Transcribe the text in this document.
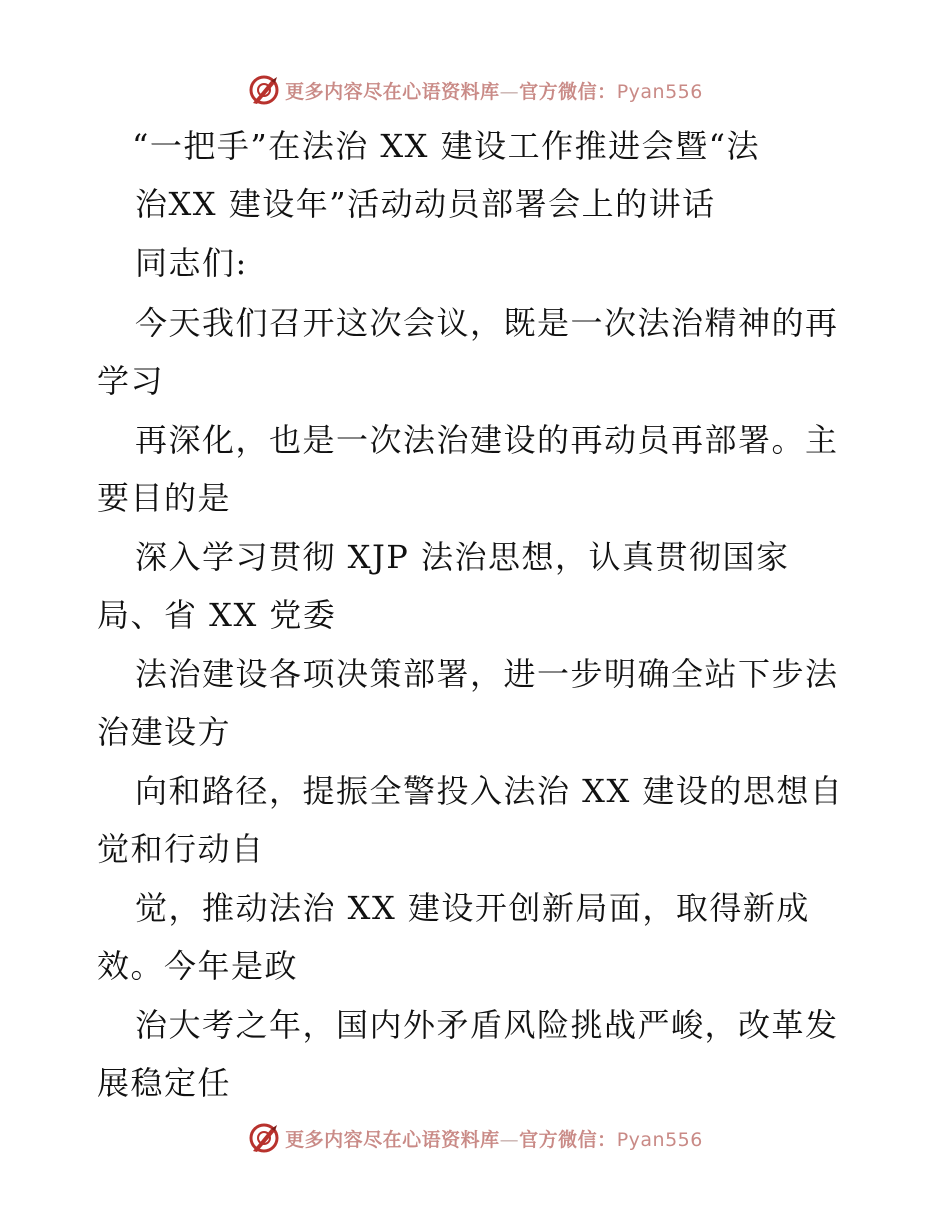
更多内容尽在心语资料库—官方微信：Pyan556
“一把手”在法治 XX 建设工作推进会暨“法
治XX 建设年”活动动员部署会上的讲话
同志们:
今天我们召开这次会议，既是一次法治精神的再
学习
再深化，也是一次法治建设的再动员再部署。主
要目的是
深入学习贯彻 XJP 法治思想，认真贯彻国家
局、省 XX 党委
法治建设各项决策部署，进一步明确全站下步法
治建设方
向和路径，提振全警投入法治 XX 建设的思想自
觉和行动自
觉，推动法治 XX 建设开创新局面，取得新成
效。今年是政
治大考之年，国内外矛盾风险挑战严峻，改革发
展稳定任
更多内容尽在心语资料库—官方微信：Pyan556
